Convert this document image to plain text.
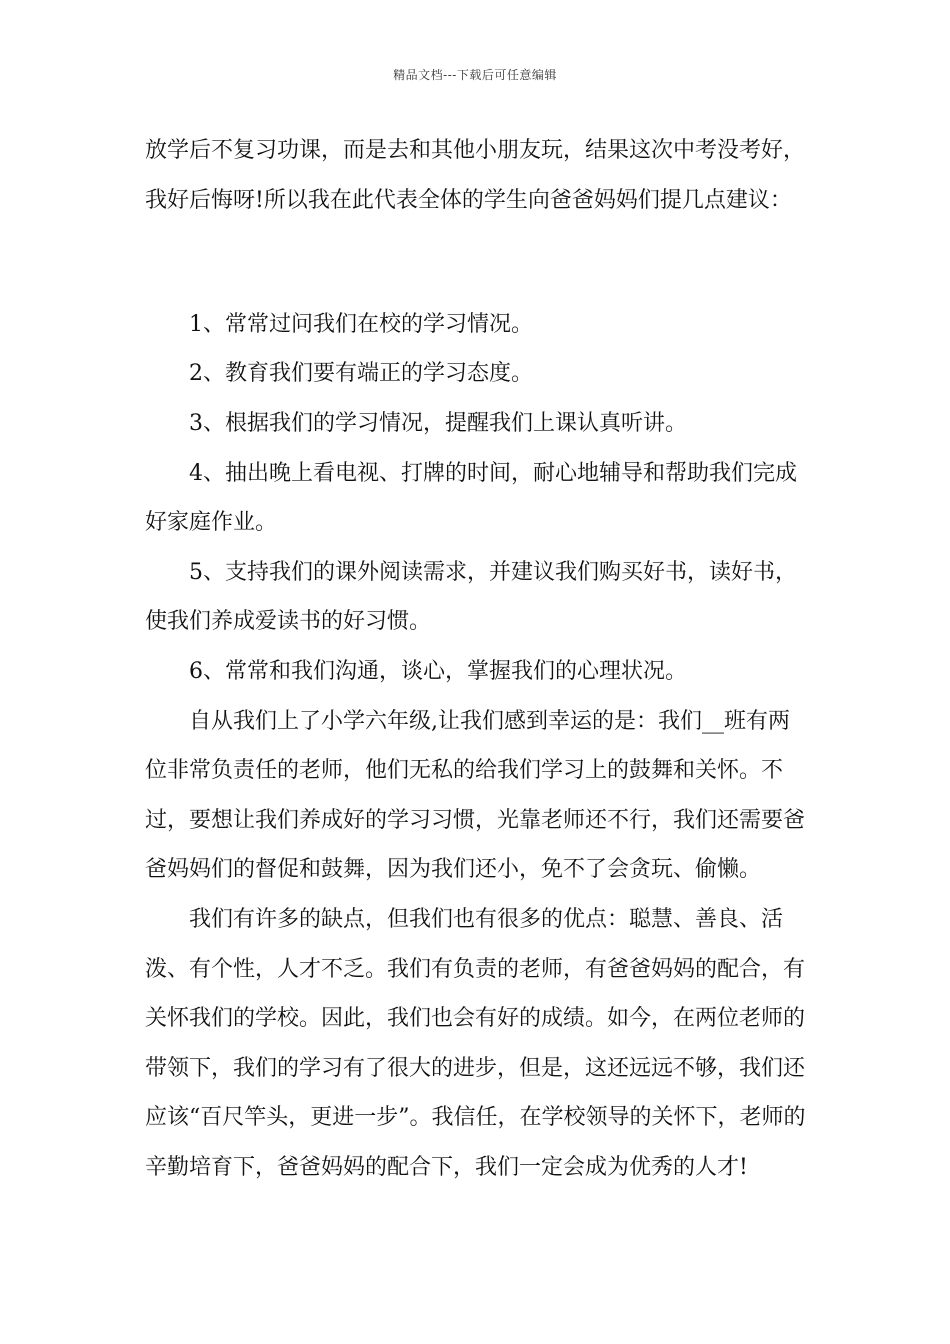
精品文档---下载后可任意编辑

放学后不复习功课，而是去和其他小朋友玩，结果这次中考没考好，我好后悔呀!所以我在此代表全体的学生向爸爸妈妈们提几点建议：

1、常常过问我们在校的学习情况。

2、教育我们要有端正的学习态度。

3、根据我们的学习情况，提醒我们上课认真听讲。

4、抽出晚上看电视、打牌的时间，耐心地辅导和帮助我们完成好家庭作业。

5、支持我们的课外阅读需求，并建议我们购买好书，读好书，使我们养成爱读书的好习惯。

6、常常和我们沟通，谈心，掌握我们的心理状况。

自从我们上了小学六年级,让我们感到幸运的是：我们__班有两位非常负责任的老师，他们无私的给我们学习上的鼓舞和关怀。不过，要想让我们养成好的学习习惯，光靠老师还不行，我们还需要爸爸妈妈们的督促和鼓舞，因为我们还小，免不了会贪玩、偷懒。

我们有许多的缺点，但我们也有很多的优点：聪慧、善良、活泼、有个性，人才不乏。我们有负责的老师，有爸爸妈妈的配合，有关怀我们的学校。因此，我们也会有好的成绩。如今，在两位老师的带领下，我们的学习有了很大的进步，但是，这还远远不够，我们还应该“百尺竿头，更进一步”。我信任，在学校领导的关怀下，老师的辛勤培育下，爸爸妈妈的配合下，我们一定会成为优秀的人才!
